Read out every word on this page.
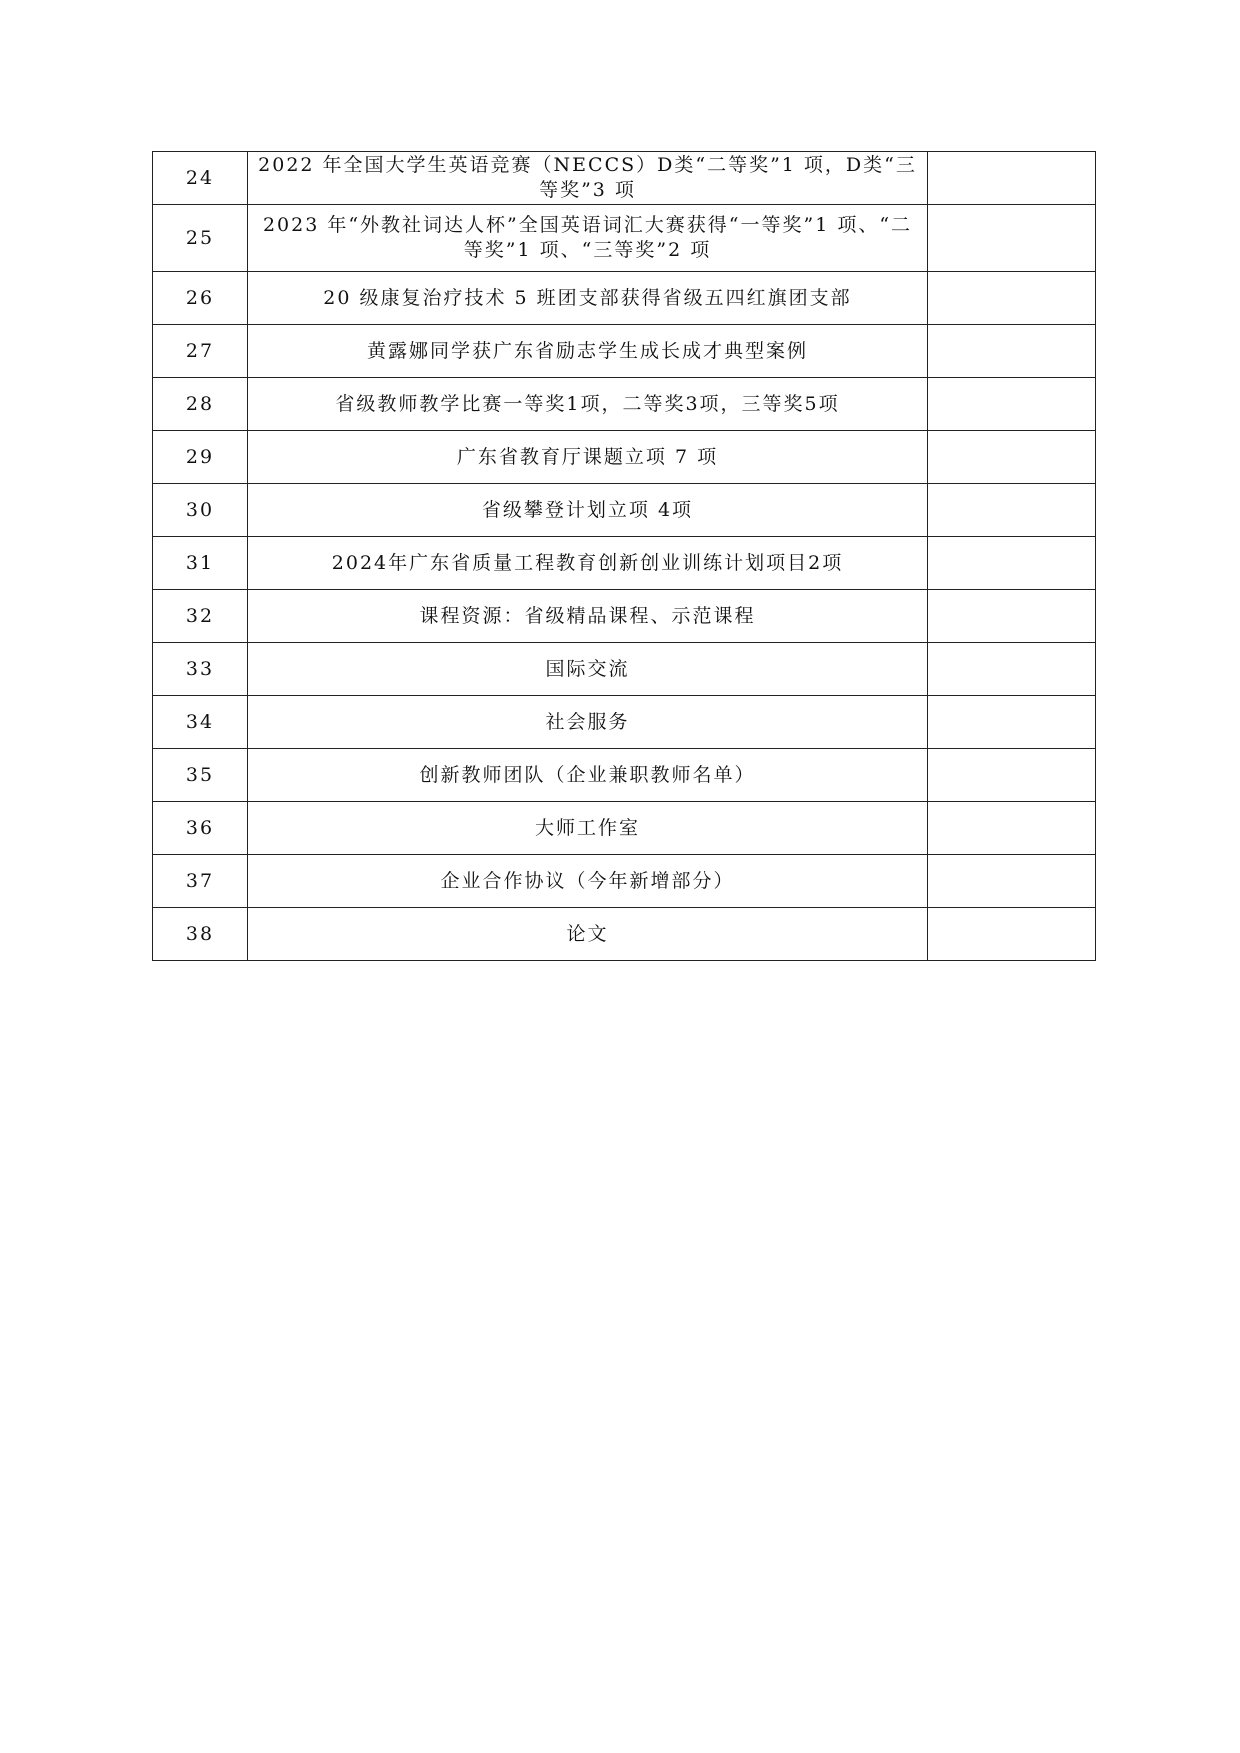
24	2022 年全国大学生英语竞赛（NECCS）D类“二等奖”1 项，D类“三等奖”3 项	
25	2023 年“外教社词达人杯”全国英语词汇大赛获得“一等奖”1 项、“二等奖”1 项、“三等奖”2 项	
26	20 级康复治疗技术 5 班团支部获得省级五四红旗团支部	
27	黄露娜同学获广东省励志学生成长成才典型案例	
28	省级教师教学比赛一等奖1项，二等奖3项，三等奖5项	
29	广东省教育厅课题立项 7 项	
30	省级攀登计划立项 4项	
31	2024年广东省质量工程教育创新创业训练计划项目2项	
32	课程资源：省级精品课程、示范课程	
33	国际交流	
34	社会服务	
35	创新教师团队（企业兼职教师名单）	
36	大师工作室	
37	企业合作协议（今年新增部分）	
38	论文	
